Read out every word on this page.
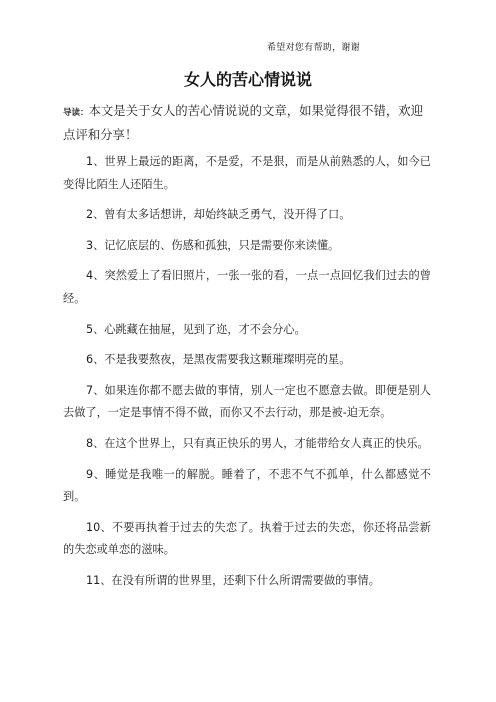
希望对您有帮助，谢谢
女人的苦心情说说
导读：本文是关于女人的苦心情说说的文章，如果觉得很不错，欢迎点评和分享！
1、世界上最远的距离，不是爱，不是狠，而是从前熟悉的人，如今已变得比陌生人还陌生。
2、曾有太多话想讲，却始终缺乏勇气，没开得了口。
3、记忆底层的、伤感和孤独，只是需要你来读懂。
4、突然爱上了看旧照片，一张一张的看，一点一点回忆我们过去的曾经。
5、心跳藏在抽屉，见到了迩，才不会分心。
6、不是我要熬夜，是黑夜需要我这颗璀璨明亮的星。
7、如果连你都不愿去做的事情，别人一定也不愿意去做。即便是别人去做了，一定是事情不得不做，而你又不去行动，那是被-迫无奈。
8、在这个世界上，只有真正快乐的男人，才能带给女人真正的快乐。
9、睡觉是我唯一的解脱。睡着了，不悲不气不孤单，什么都感觉不到。
10、不要再执着于过去的失恋了。执着于过去的失恋，你还将品尝新的失恋或单恋的滋味。
11、在没有所谓的世界里，还剩下什么所谓需要做的事情。
